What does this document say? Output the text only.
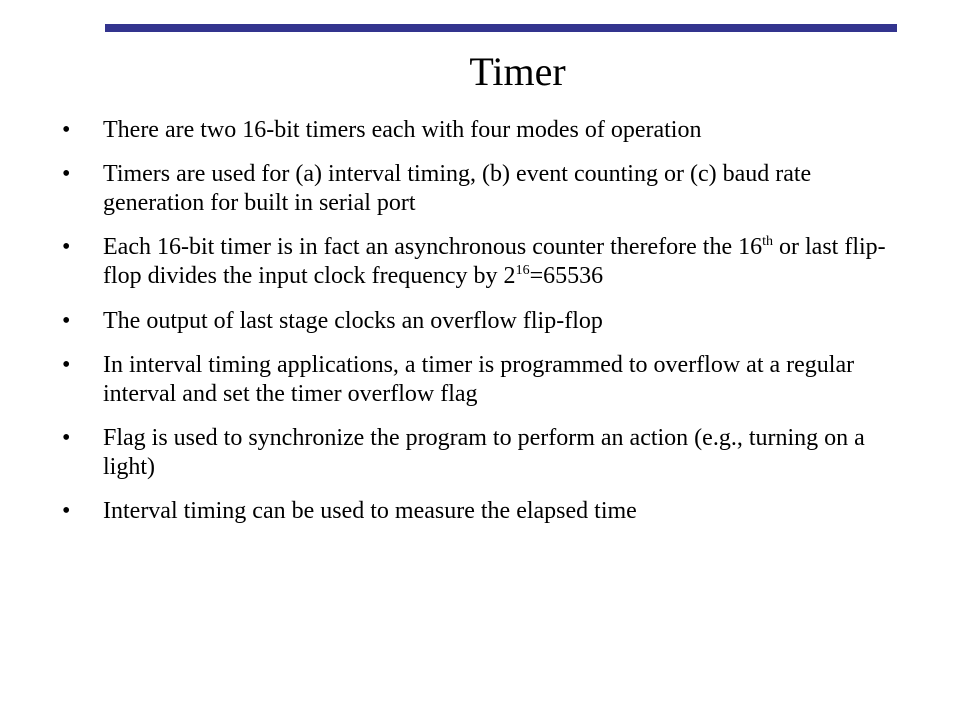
Timer
•	There are two 16-bit timers each with four modes of operation
•	Timers are used for (a) interval timing, (b) event counting or (c) baud rate generation for built in serial port
•	Each 16-bit timer is in fact an asynchronous counter therefore the 16th or last flip-flop divides the input clock frequency by $2^{16}=65536$
•	The output of last stage clocks an overflow flip-flop
•	In interval timing applications, a timer is programmed to overflow at a regular interval and set the timer overflow flag
•	Flag is used to synchronize the program to perform an action (e.g., turning on a light)
•	Interval timing can be used to measure the elapsed time
